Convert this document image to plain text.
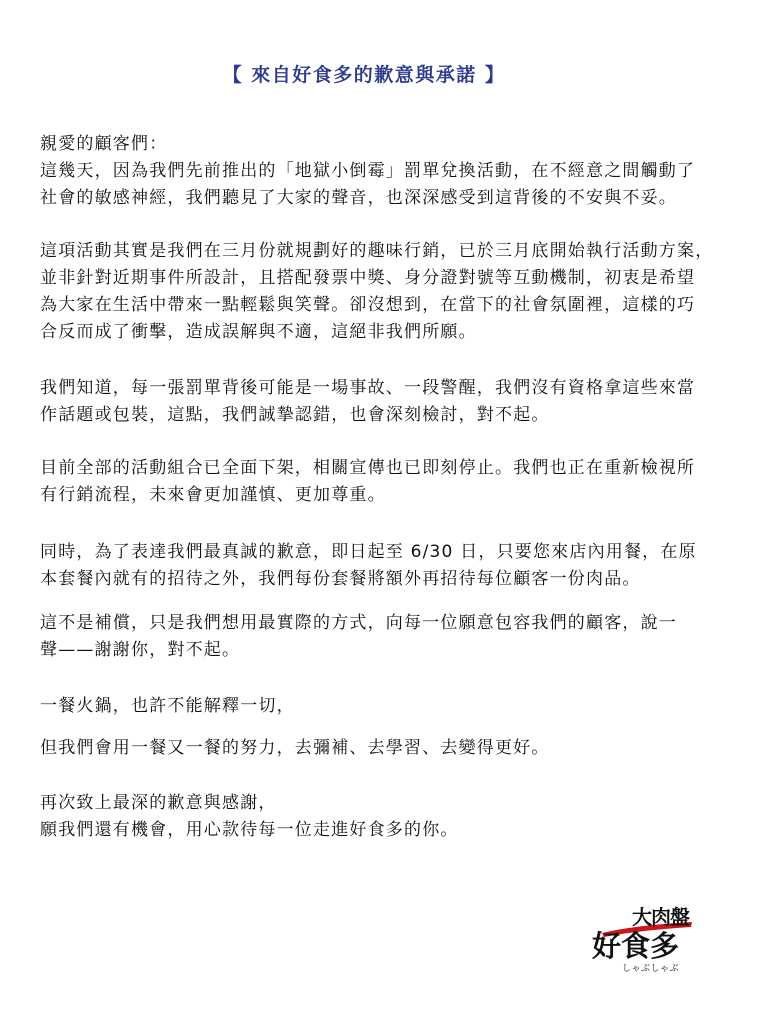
【 來自好食多的歉意與承諾 】
親愛的顧客們：
這幾天，因為我們先前推出的「地獄小倒霉」罰單兌換活動，在不經意之間觸動了
社會的敏感神經，我們聽見了大家的聲音，也深深感受到這背後的不安與不妥。
這項活動其實是我們在三月份就規劃好的趣味行銷，已於三月底開始執行活動方案，
並非針對近期事件所設計，且搭配發票中獎、身分證對號等互動機制，初衷是希望
為大家在生活中帶來一點輕鬆與笑聲。卻沒想到，在當下的社會氛圍裡，這樣的巧
合反而成了衝擊，造成誤解與不適，這絕非我們所願。
我們知道，每一張罰單背後可能是一場事故、一段警醒，我們沒有資格拿這些來當
作話題或包裝，這點，我們誠摯認錯，也會深刻檢討，對不起。
目前全部的活動組合已全面下架，相關宣傳也已即刻停止。我們也正在重新檢視所
有行銷流程，未來會更加謹慎、更加尊重。
同時，為了表達我們最真誠的歉意，即日起至 6/30 日，只要您來店內用餐，在原
本套餐內就有的招待之外，我們每份套餐將額外再招待每位顧客一份肉品。
這不是補償，只是我們想用最實際的方式，向每一位願意包容我們的顧客，說一
聲——謝謝你，對不起。
一餐火鍋，也許不能解釋一切，
但我們會用一餐又一餐的努力，去彌補、去學習、去變得更好。
再次致上最深的歉意與感謝，
願我們還有機會，用心款待每一位走進好食多的你。
大肉盤
好食多
しゃぶしゃぶ
